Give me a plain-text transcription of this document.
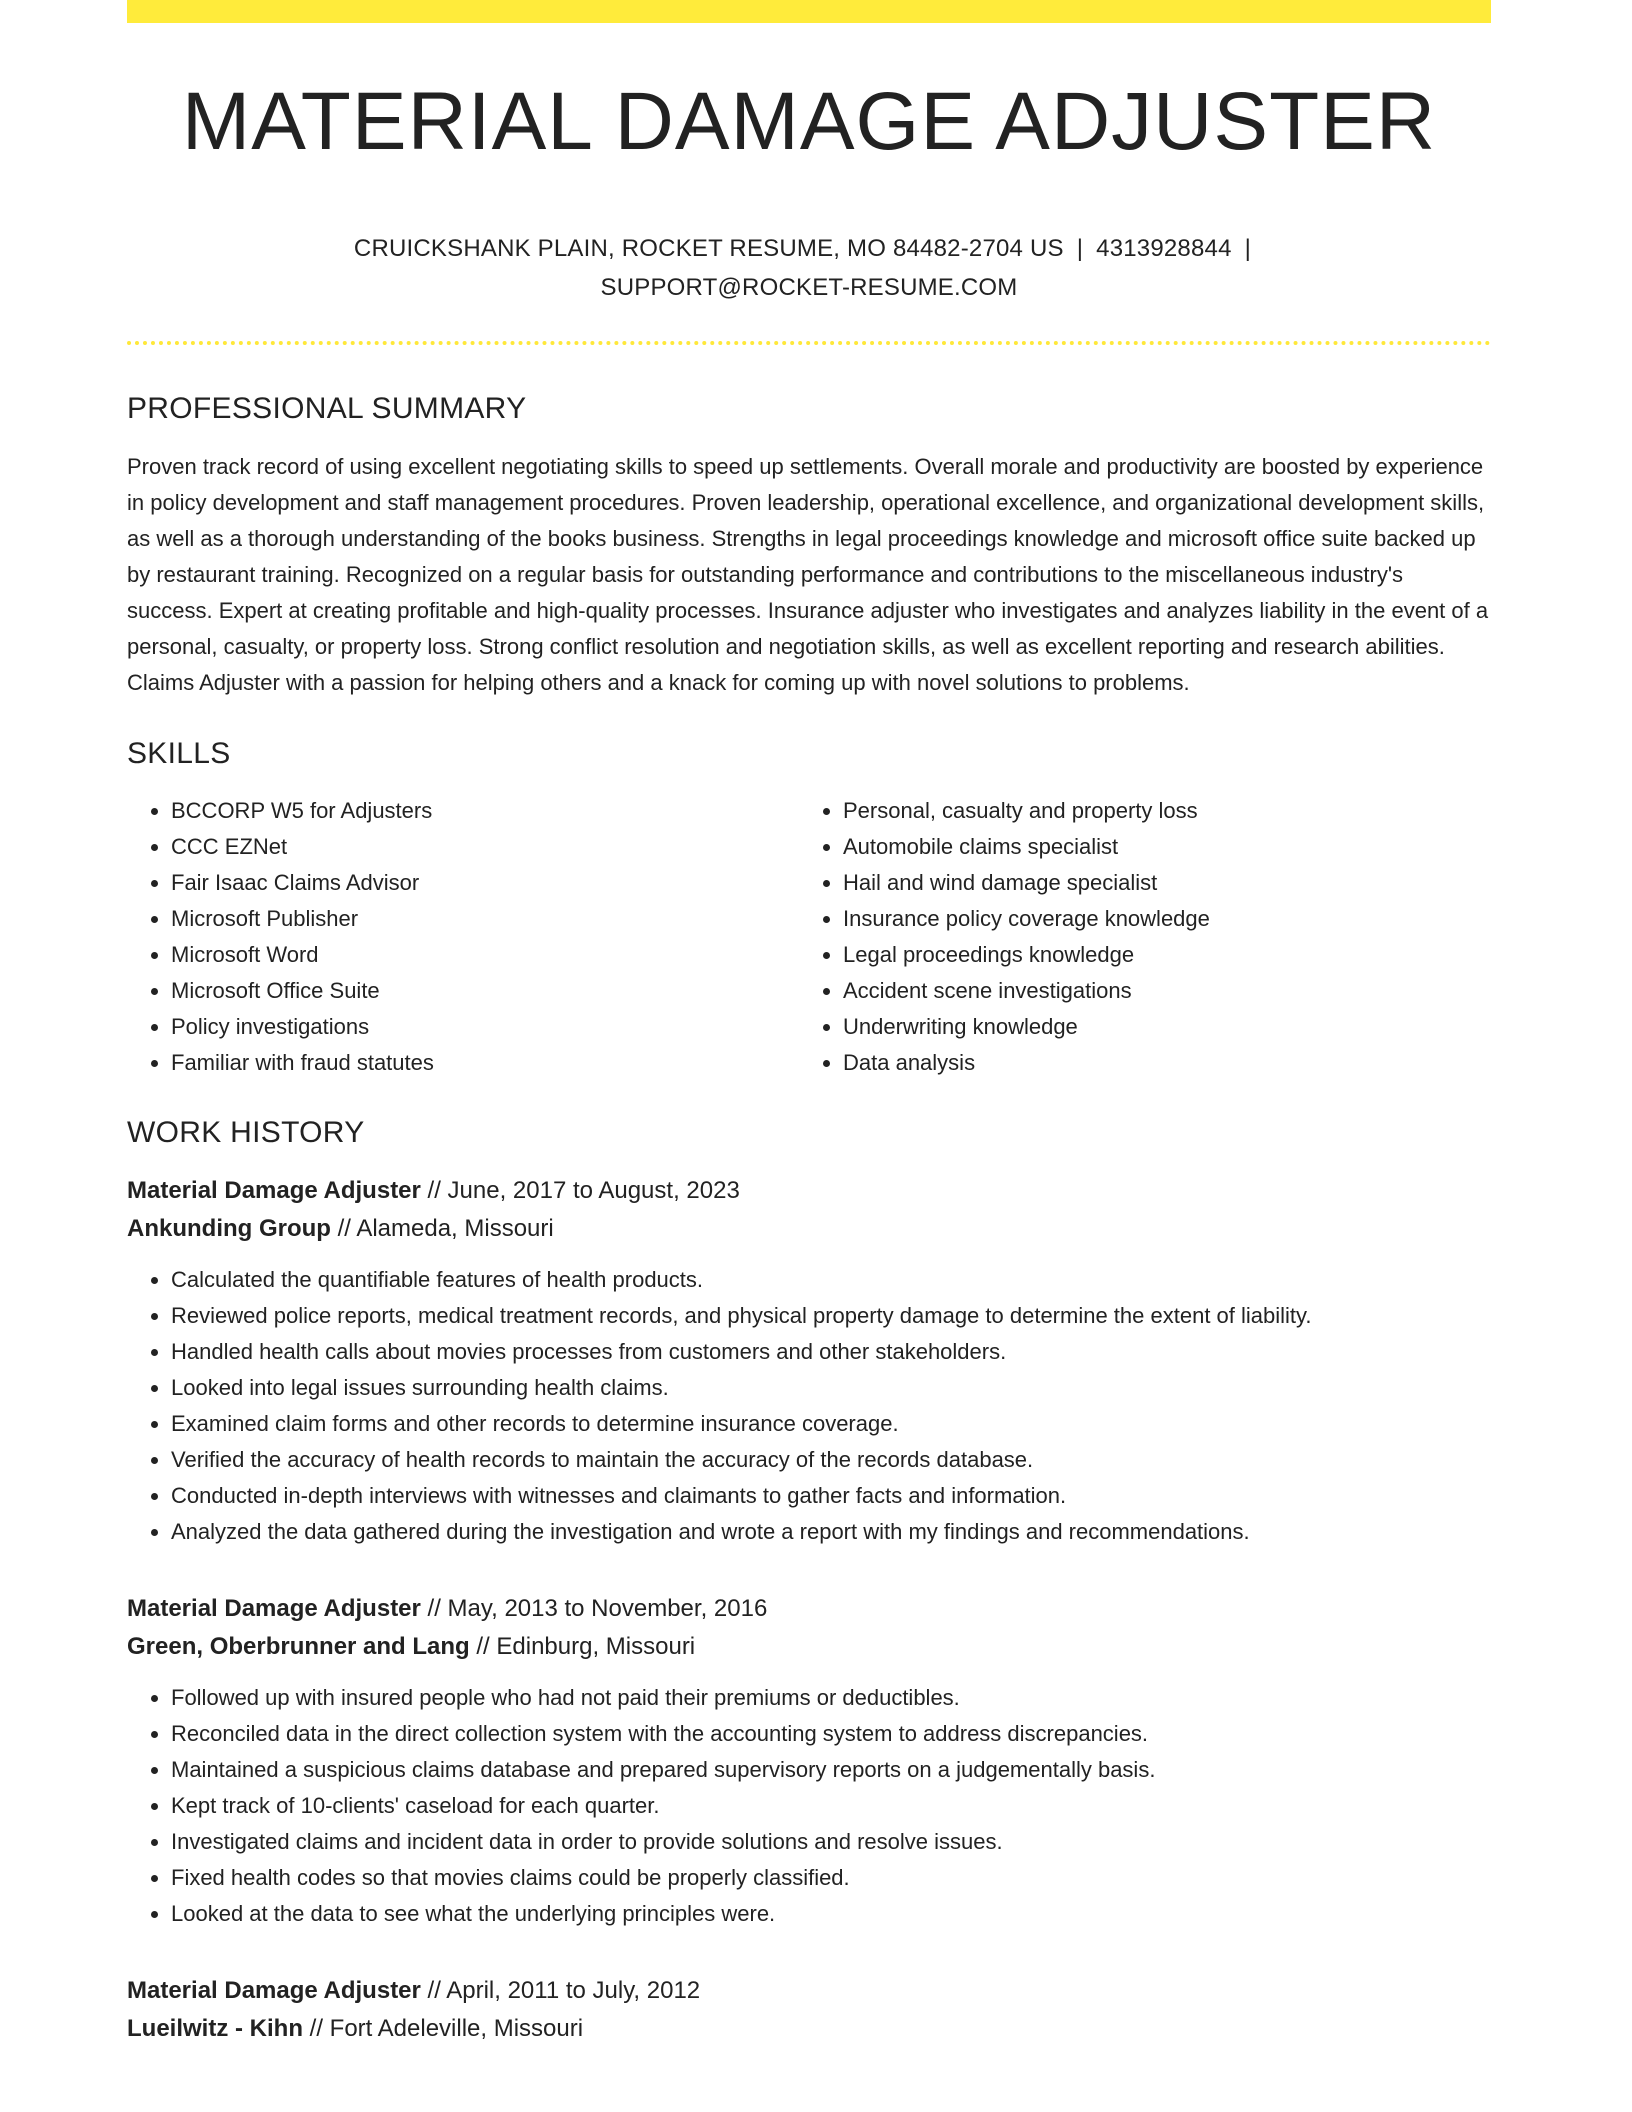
MATERIAL DAMAGE ADJUSTER
CRUICKSHANK PLAIN, ROCKET RESUME, MO 84482-2704 US | 4313928844 |
SUPPORT@ROCKET-RESUME.COM
PROFESSIONAL SUMMARY

Proven track record of using excellent negotiating skills to speed up settlements. Overall morale and productivity are boosted by experience in policy development and staff management procedures. Proven leadership, operational excellence, and organizational development skills, as well as a thorough understanding of the books business. Strengths in legal proceedings knowledge and microsoft office suite backed up by restaurant training. Recognized on a regular basis for outstanding performance and contributions to the miscellaneous industry's success. Expert at creating profitable and high-quality processes. Insurance adjuster who investigates and analyzes liability in the event of a personal, casualty, or property loss. Strong conflict resolution and negotiation skills, as well as excellent reporting and research abilities. Claims Adjuster with a passion for helping others and a knack for coming up with novel solutions to problems.

SKILLS
• BCCORP W5 for Adjusters
• CCC EZNet
• Fair Isaac Claims Advisor
• Microsoft Publisher
• Microsoft Word
• Microsoft Office Suite
• Policy investigations
• Familiar with fraud statutes
• Personal, casualty and property loss
• Automobile claims specialist
• Hail and wind damage specialist
• Insurance policy coverage knowledge
• Legal proceedings knowledge
• Accident scene investigations
• Underwriting knowledge
• Data analysis
WORK HISTORY
Material Damage Adjuster // June, 2017 to August, 2023
Ankunding Group // Alameda, Missouri
• Calculated the quantifiable features of health products.
• Reviewed police reports, medical treatment records, and physical property damage to determine the extent of liability.
• Handled health calls about movies processes from customers and other stakeholders.
• Looked into legal issues surrounding health claims.
• Examined claim forms and other records to determine insurance coverage.
• Verified the accuracy of health records to maintain the accuracy of the records database.
• Conducted in-depth interviews with witnesses and claimants to gather facts and information.
• Analyzed the data gathered during the investigation and wrote a report with my findings and recommendations.
Material Damage Adjuster // May, 2013 to November, 2016
Green, Oberbrunner and Lang // Edinburg, Missouri
• Followed up with insured people who had not paid their premiums or deductibles.
• Reconciled data in the direct collection system with the accounting system to address discrepancies.
• Maintained a suspicious claims database and prepared supervisory reports on a judgementally basis.
• Kept track of 10-clients' caseload for each quarter.
• Investigated claims and incident data in order to provide solutions and resolve issues.
• Fixed health codes so that movies claims could be properly classified.
• Looked at the data to see what the underlying principles were.
Material Damage Adjuster // April, 2011 to July, 2012
Lueilwitz - Kihn // Fort Adeleville, Missouri
